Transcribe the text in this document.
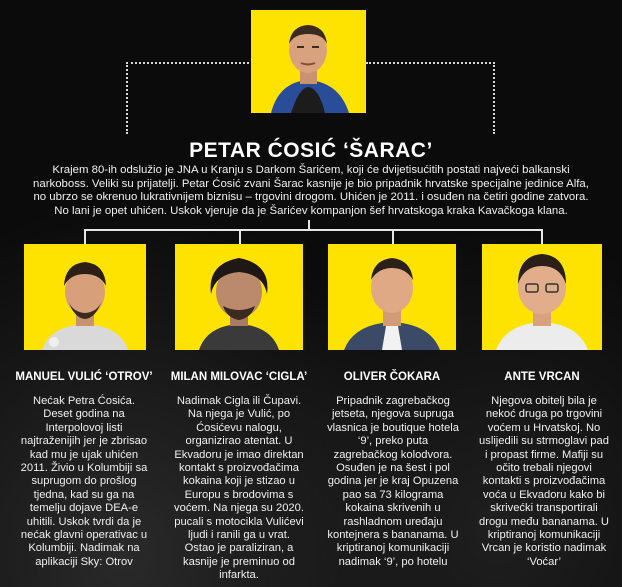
PETAR ĆOSIĆ ‘ŠARAC’
Krajem 80-ih odslužio je JNA u Kranju s Darkom Šarićem, koji će dvijetisućitih postati najveći balkanski narkoboss. Veliki su prijatelji. Petar Ćosić zvani Šarac kasnije je bio pripadnik hrvatske specijalne jedinice Alfa, no ubrzo se okrenuo lukrativnijem biznisu – trgovini drogom. Uhićen je 2011. i osuđen na četiri godine zatvora. No lani je opet uhićen. Uskok vjeruje da je Šarićev kompanjon šef hrvatskoga kraka Kavačkoga klana.
MANUEL VULIĆ ‘OTROV’ MILAN MILOVAC ‘CIGLA’	OLIVER ČOKARA	ANTE VRCAN
Nećak Petra Ćosića. Deset godina na Interpolovoj listi najtraženijih jer je zbrisao kad mu je ujak uhićen 2011. Živio u Kolumbiji sa suprugom do prošlog tjedna, kad su ga na temelju dojave DEA-e uhitili. Uskok tvrdi da je nećak glavni operativac u Kolumbiji. Nadimak na aplikaciji Sky: Otrov
Nadimak Cigla ili Čupavi. Na njega je Vulić, po Ćosićevu nalogu, organizirao atentat. U Ekvadoru je imao direktan kontakt s proizvođačima kokaina koji je stizao u Europu s brodovima s voćem. Na njega su 2020. pucali s motocikla Vulićevi ljudi i ranili ga u vrat. Ostao je paraliziran, a kasnije je preminuo od infarkta.
Pripadnik zagrebačkog jetseta, njegova supruga vlasnica je boutique hotela ‘9’, preko puta zagrebačkog kolodvora. Osuđen je na šest i pol godina jer je kraj Opuzena pao sa 73 kilograma kokaina skrivenih u rashladnom uređaju kontejnera s bananama. U kriptiranoj komunikaciji nadimak ‘9’, po hotelu
Njegova obitelj bila je nekoć druga po trgovini voćem u Hrvatskoj. No uslijedili su strmoglavi pad i propast firme. Mafiji su očito trebali njegovi kontakti s proizvođačima voća u Ekvadoru kako bi skrivećki transportirali drogu među bananama. U kriptiranoj komunikaciji Vrcan je koristio nadimak ‘Voćar’
